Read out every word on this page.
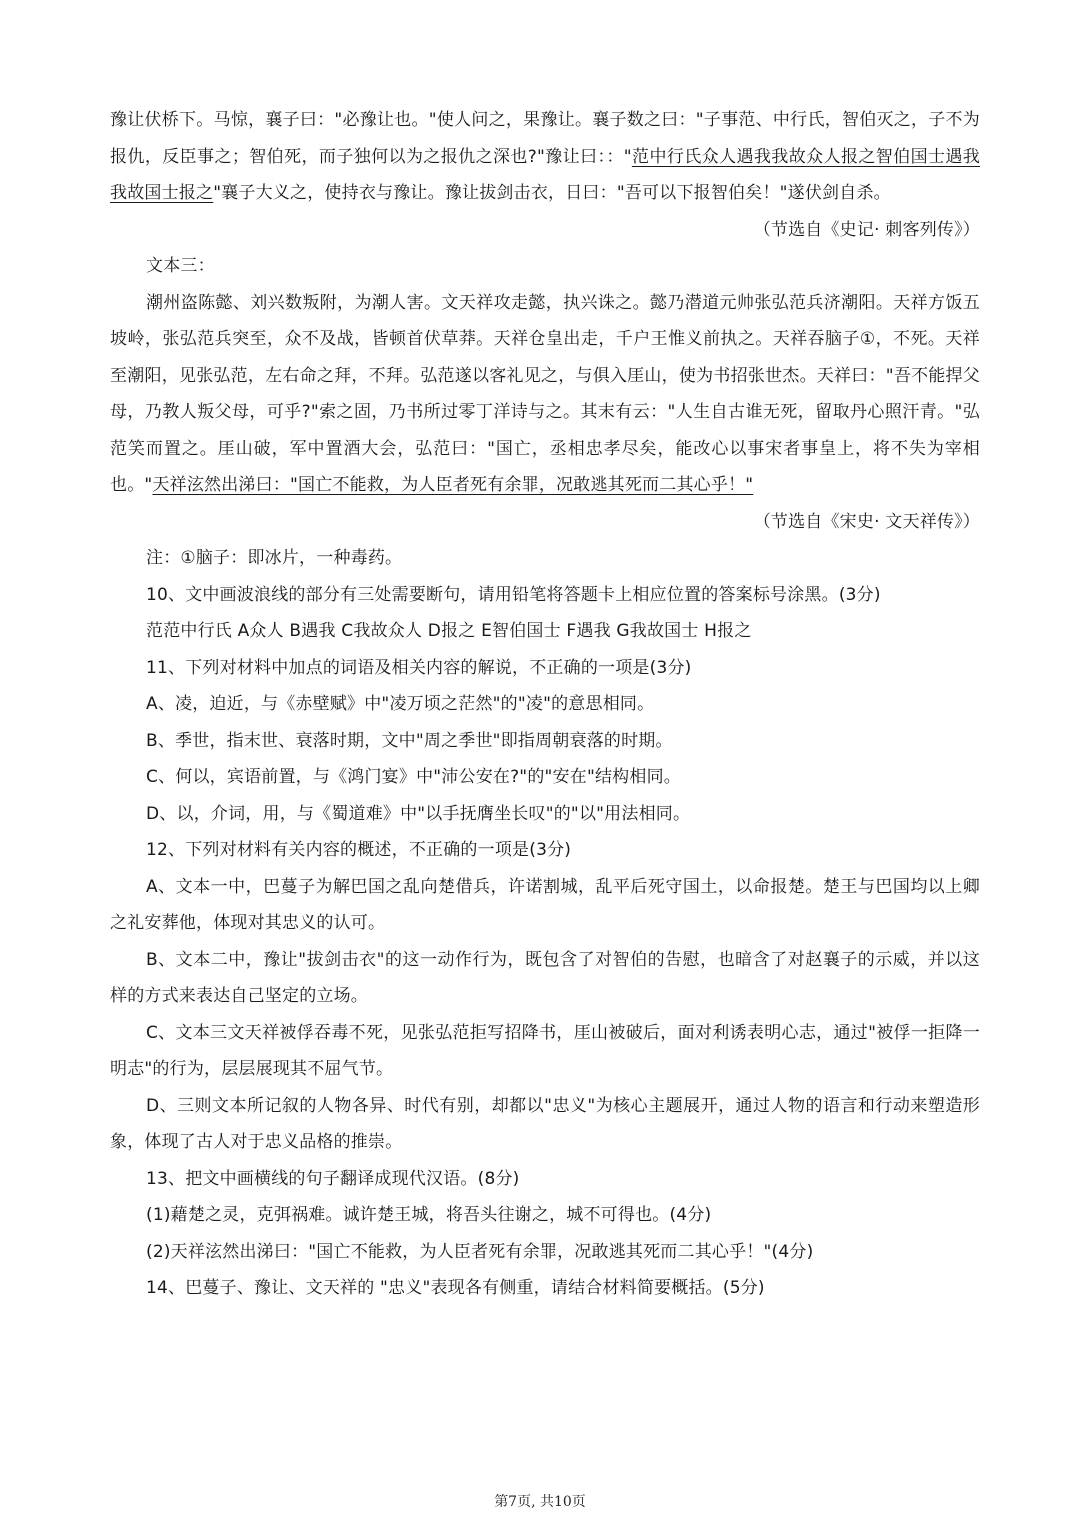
豫让伏桥下。马惊，襄子曰："必豫让也。"使人问之，果豫让。襄子数之曰："子事范、中行氏，智伯灭之，子不为报仇，反臣事之；智伯死，而子独何以为之报仇之深也?"豫让曰：："范中行氏众人遇我我故众人报之智伯国士遇我我故国士报之"襄子大义之，使持衣与豫让。豫让拔剑击衣，日曰："吾可以下报智伯矣！"遂伏剑自杀。

（节选自《史记· 刺客列传》）

文本三：

潮州盗陈懿、刘兴数叛附，为潮人害。文天祥攻走懿，执兴诛之。懿乃潜道元帅张弘范兵济潮阳。天祥方饭五坡岭，张弘范兵突至，众不及战，皆顿首伏草莽。天祥仓皇出走，千户王惟义前执之。天祥吞脑子①，不死。天祥至潮阳，见张弘范，左右命之拜，不拜。弘范遂以客礼见之，与俱入厓山，使为书招张世杰。天祥曰："吾不能捍父母，乃教人叛父母，可乎?"索之固，乃书所过零丁洋诗与之。其末有云："人生自古谁无死，留取丹心照汗青。"弘范笑而置之。厓山破，军中置酒大会，弘范曰："国亡，丞相忠孝尽矣，能改心以事宋者事皇上，将不失为宰相也。"天祥泫然出涕曰："国亡不能救，为人臣者死有余罪，况敢逃其死而二其心乎！"

（节选自《宋史· 文天祥传》）

注：①脑子：即冰片，一种毒药。

10、文中画波浪线的部分有三处需要断句，请用铅笔将答题卡上相应位置的答案标号涂黑。(3分)

范范中行氏 A众人 B遇我 C我故众人 D报之 E智伯国士 F遇我 G我故国士 H报之

11、下列对材料中加点的词语及相关内容的解说，不正确的一项是(3分)

A、凌，迫近，与《赤壁赋》中"凌万顷之茫然"的"凌"的意思相同。

B、季世，指末世、衰落时期，文中"周之季世"即指周朝衰落的时期。

C、何以，宾语前置，与《鸿门宴》中"沛公安在?"的"安在"结构相同。

D、以，介词，用，与《蜀道难》中"以手抚膺坐长叹"的"以"用法相同。

12、下列对材料有关内容的概述，不正确的一项是(3分)

A、文本一中，巴蔓子为解巴国之乱向楚借兵，许诺割城，乱平后死守国土，以命报楚。楚王与巴国均以上卿之礼安葬他，体现对其忠义的认可。

B、文本二中，豫让"拔剑击衣"的这一动作行为，既包含了对智伯的告慰，也暗含了对赵襄子的示威，并以这样的方式来表达自己坚定的立场。

C、文本三文天祥被俘吞毒不死，见张弘范拒写招降书，厓山被破后，面对利诱表明心志，通过"被俘一拒降一明志"的行为，层层展现其不屈气节。

D、三则文本所记叙的人物各异、时代有别，却都以"忠义"为核心主题展开，通过人物的语言和行动来塑造形象，体现了古人对于忠义品格的推崇。

13、把文中画横线的句子翻译成现代汉语。(8分)

(1)藉楚之灵，克弭祸难。诚许楚王城，将吾头往谢之，城不可得也。(4分)

(2)天祥泫然出涕曰："国亡不能救，为人臣者死有余罪，况敢逃其死而二其心乎！"(4分)

14、巴蔓子、豫让、文天祥的 "忠义"表现各有侧重，请结合材料简要概括。(5分)

第7页, 共10页
